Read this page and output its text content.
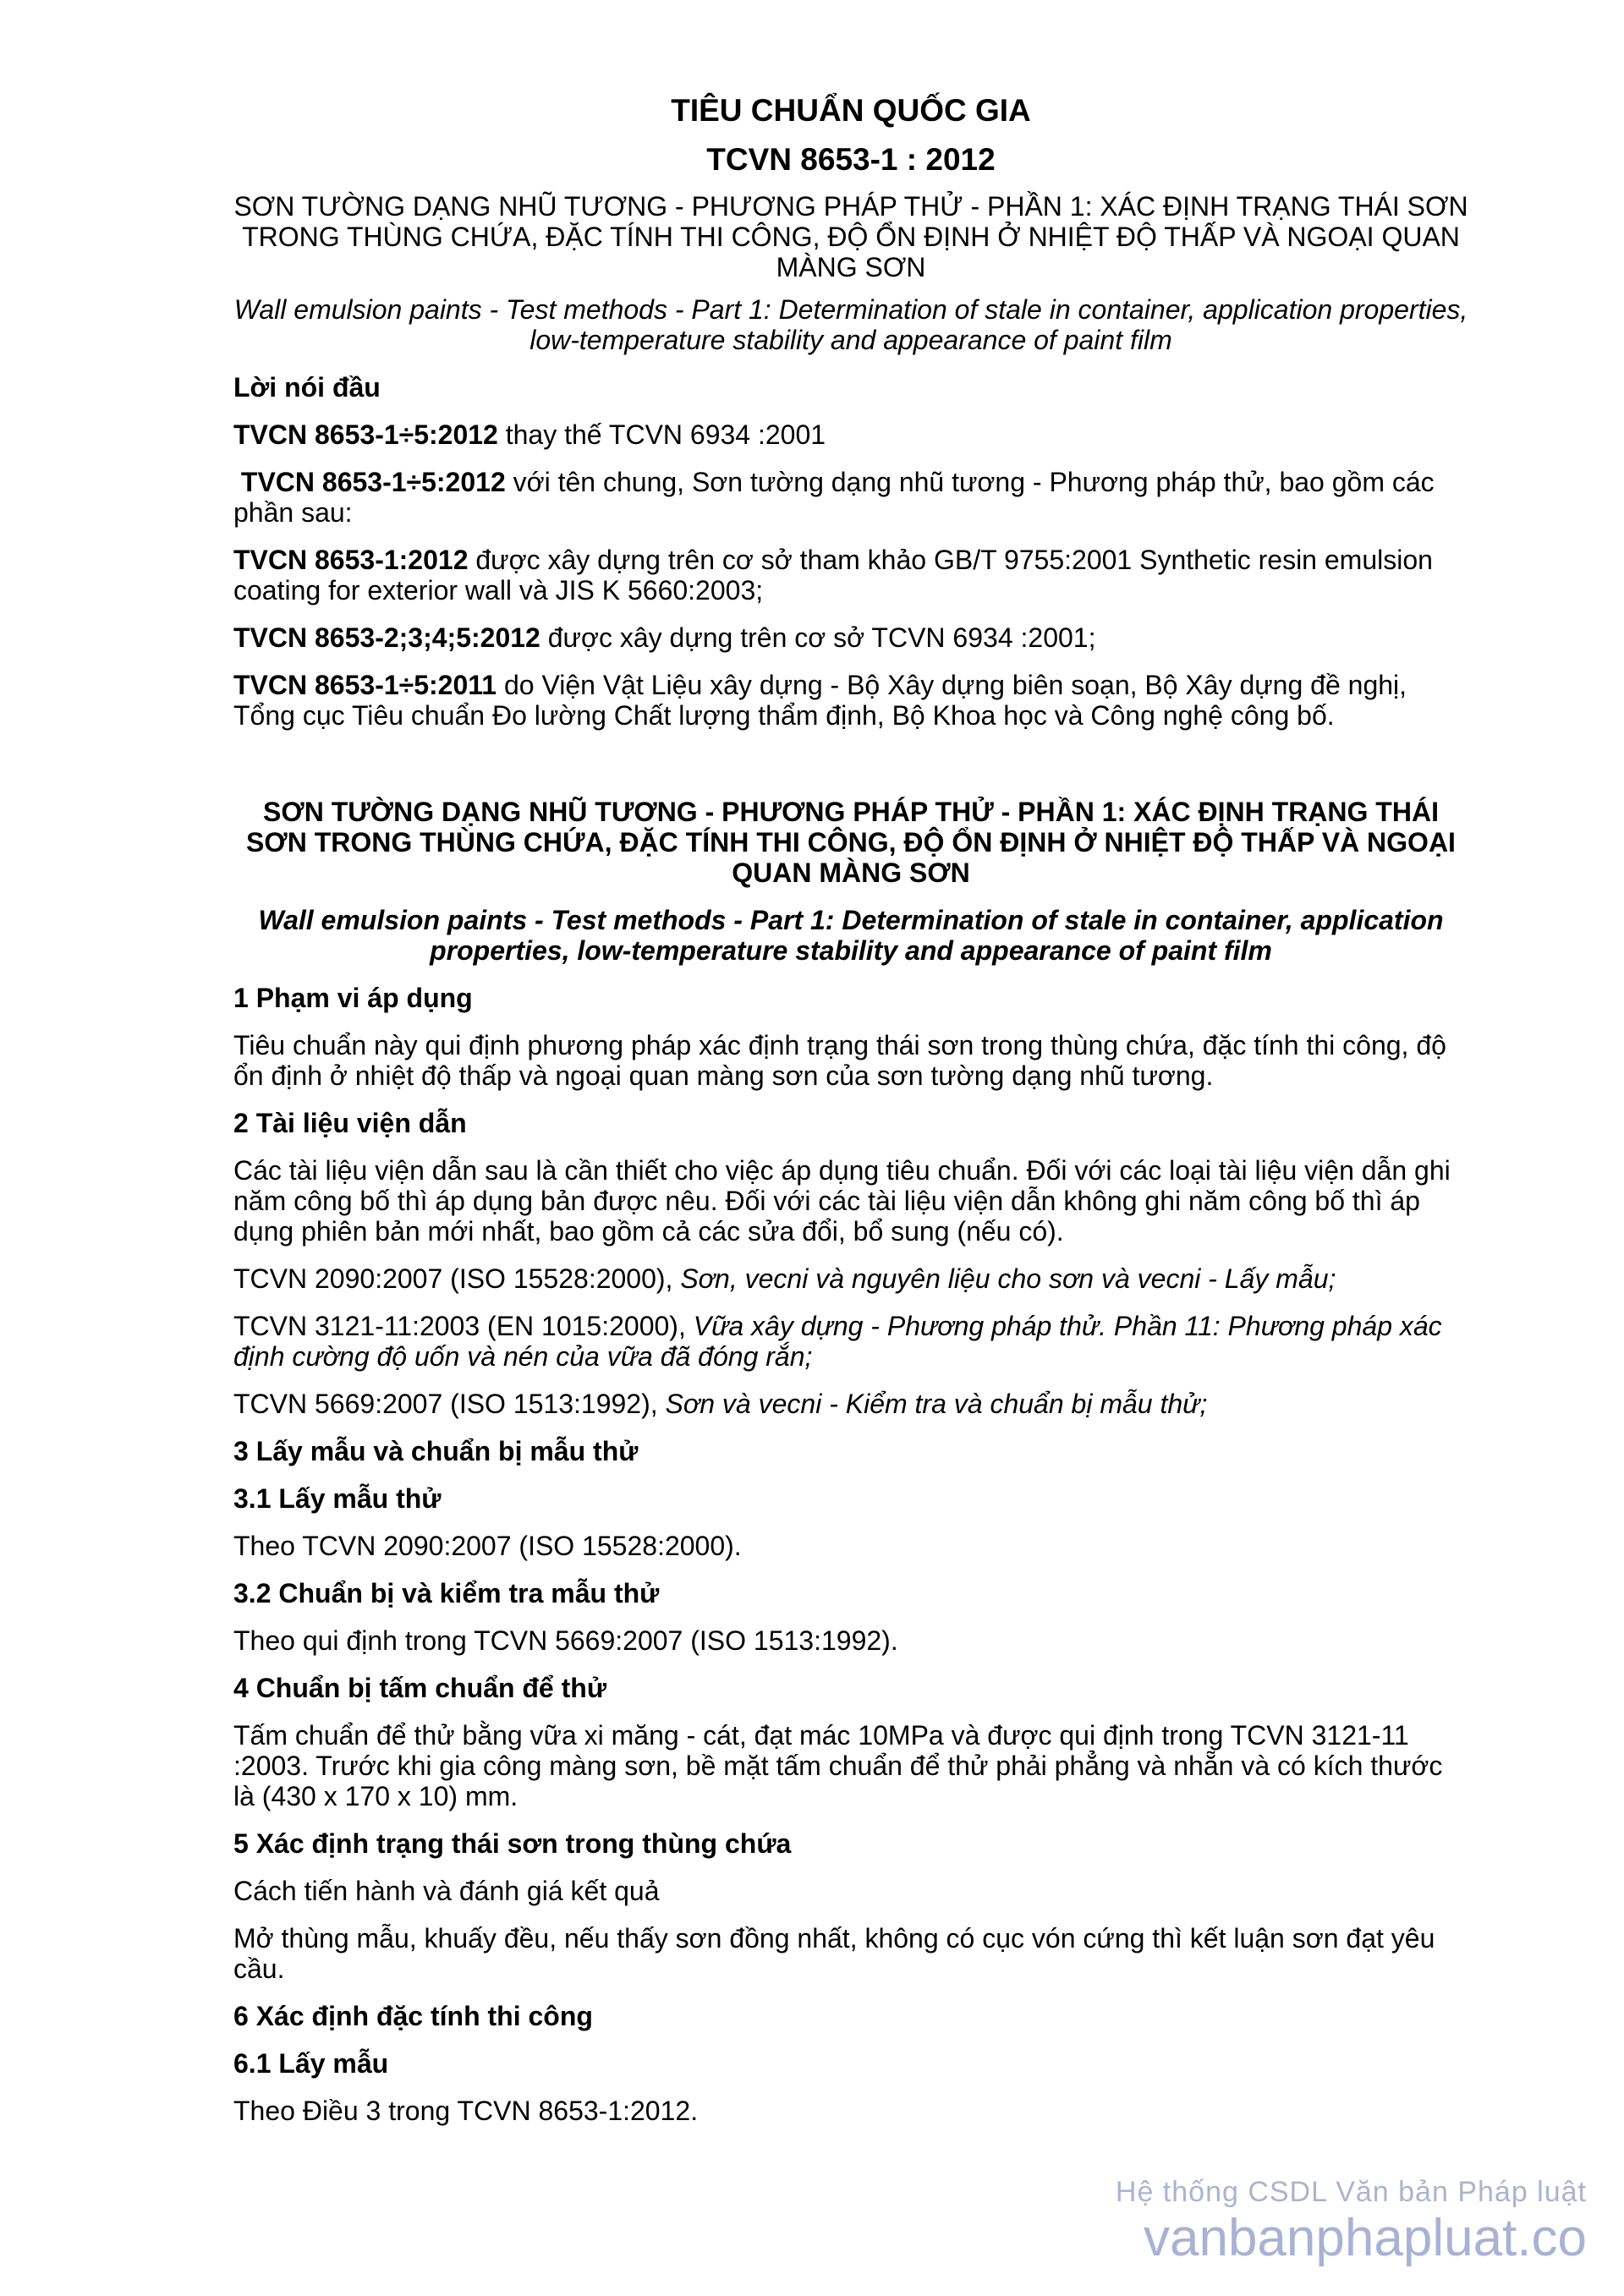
TIÊU CHUẨN QUỐC GIA
TCVN 8653-1 : 2012
SƠN TƯỜNG DẠNG NHŨ TƯƠNG - PHƯƠNG PHÁP THỬ - PHẦN 1: XÁC ĐỊNH TRẠNG THÁI SƠN TRONG THÙNG CHỨA, ĐẶC TÍNH THI CÔNG, ĐỘ ỔN ĐỊNH Ở NHIỆT ĐỘ THẤP VÀ NGOẠI QUAN MÀNG SƠN
Wall emulsion paints - Test methods - Part 1: Determination of stale in container, application properties, low-temperature stability and appearance of paint film
Lời nói đầu

TVCN 8653-1÷5:2012 thay thế TCVN 6934 :2001

TVCN 8653-1÷5:2012 với tên chung, Sơn tường dạng nhũ tương - Phương pháp thử, bao gồm các phần sau:

TVCN 8653-1:2012 được xây dựng trên cơ sở tham khảo GB/T 9755:2001 Synthetic resin emulsion coating for exterior wall và JIS K 5660:2003;

TVCN 8653-2;3;4;5:2012 được xây dựng trên cơ sở TCVN 6934 :2001;

TVCN 8653-1÷5:2011 do Viện Vật Liệu xây dựng - Bộ Xây dựng biên soạn, Bộ Xây dựng đề nghị, Tổng cục Tiêu chuẩn Đo lường Chất lượng thẩm định, Bộ Khoa học và Công nghệ công bố.

SƠN TƯỜNG DẠNG NHŨ TƯƠNG - PHƯƠNG PHÁP THỬ - PHẦN 1: XÁC ĐỊNH TRẠNG THÁI SƠN TRONG THÙNG CHỨA, ĐẶC TÍNH THI CÔNG, ĐỘ ỔN ĐỊNH Ở NHIỆT ĐỘ THẤP VÀ NGOẠI QUAN MÀNG SƠN
Wall emulsion paints - Test methods - Part 1: Determination of stale in container, application properties, low-temperature stability and appearance of paint film
1 Phạm vi áp dụng

Tiêu chuẩn này qui định phương pháp xác định trạng thái sơn trong thùng chứa, đặc tính thi công, độ ổn định ở nhiệt độ thấp và ngoại quan màng sơn của sơn tường dạng nhũ tương.

2 Tài liệu viện dẫn

Các tài liệu viện dẫn sau là cần thiết cho việc áp dụng tiêu chuẩn. Đối với các loại tài liệu viện dẫn ghi năm công bố thì áp dụng bản được nêu. Đối với các tài liệu viện dẫn không ghi năm công bố thì áp dụng phiên bản mới nhất, bao gồm cả các sửa đổi, bổ sung (nếu có).

TCVN 2090:2007 (ISO 15528:2000), Sơn, vecni và nguyên liệu cho sơn và vecni - Lấy mẫu;

TCVN 3121-11:2003 (EN 1015:2000), Vữa xây dựng - Phương pháp thử. Phần 11: Phương pháp xác định cường độ uốn và nén của vữa đã đóng rắn;

TCVN 5669:2007 (ISO 1513:1992), Sơn và vecni - Kiểm tra và chuẩn bị mẫu thử;

3 Lấy mẫu và chuẩn bị mẫu thử
3.1 Lấy mẫu thử

Theo TCVN 2090:2007 (ISO 15528:2000).

3.2 Chuẩn bị và kiểm tra mẫu thử

Theo qui định trong TCVN 5669:2007 (ISO 1513:1992).

4 Chuẩn bị tấm chuẩn để thử

Tấm chuẩn để thử bằng vữa xi măng - cát, đạt mác 10MPa và được qui định trong TCVN 3121-11 :2003. Trước khi gia công màng sơn, bề mặt tấm chuẩn để thử phải phẳng và nhẵn và có kích thước là (430 x 170 x 10) mm.

5 Xác định trạng thái sơn trong thùng chứa

Cách tiến hành và đánh giá kết quả

Mở thùng mẫu, khuấy đều, nếu thấy sơn đồng nhất, không có cục vón cứng thì kết luận sơn đạt yêu cầu.

6 Xác định đặc tính thi công
6.1 Lấy mẫu

Theo Điều 3 trong TCVN 8653-1:2012.

Hệ thống CSDL Văn bản Pháp luật
vanbanphapluat.co
